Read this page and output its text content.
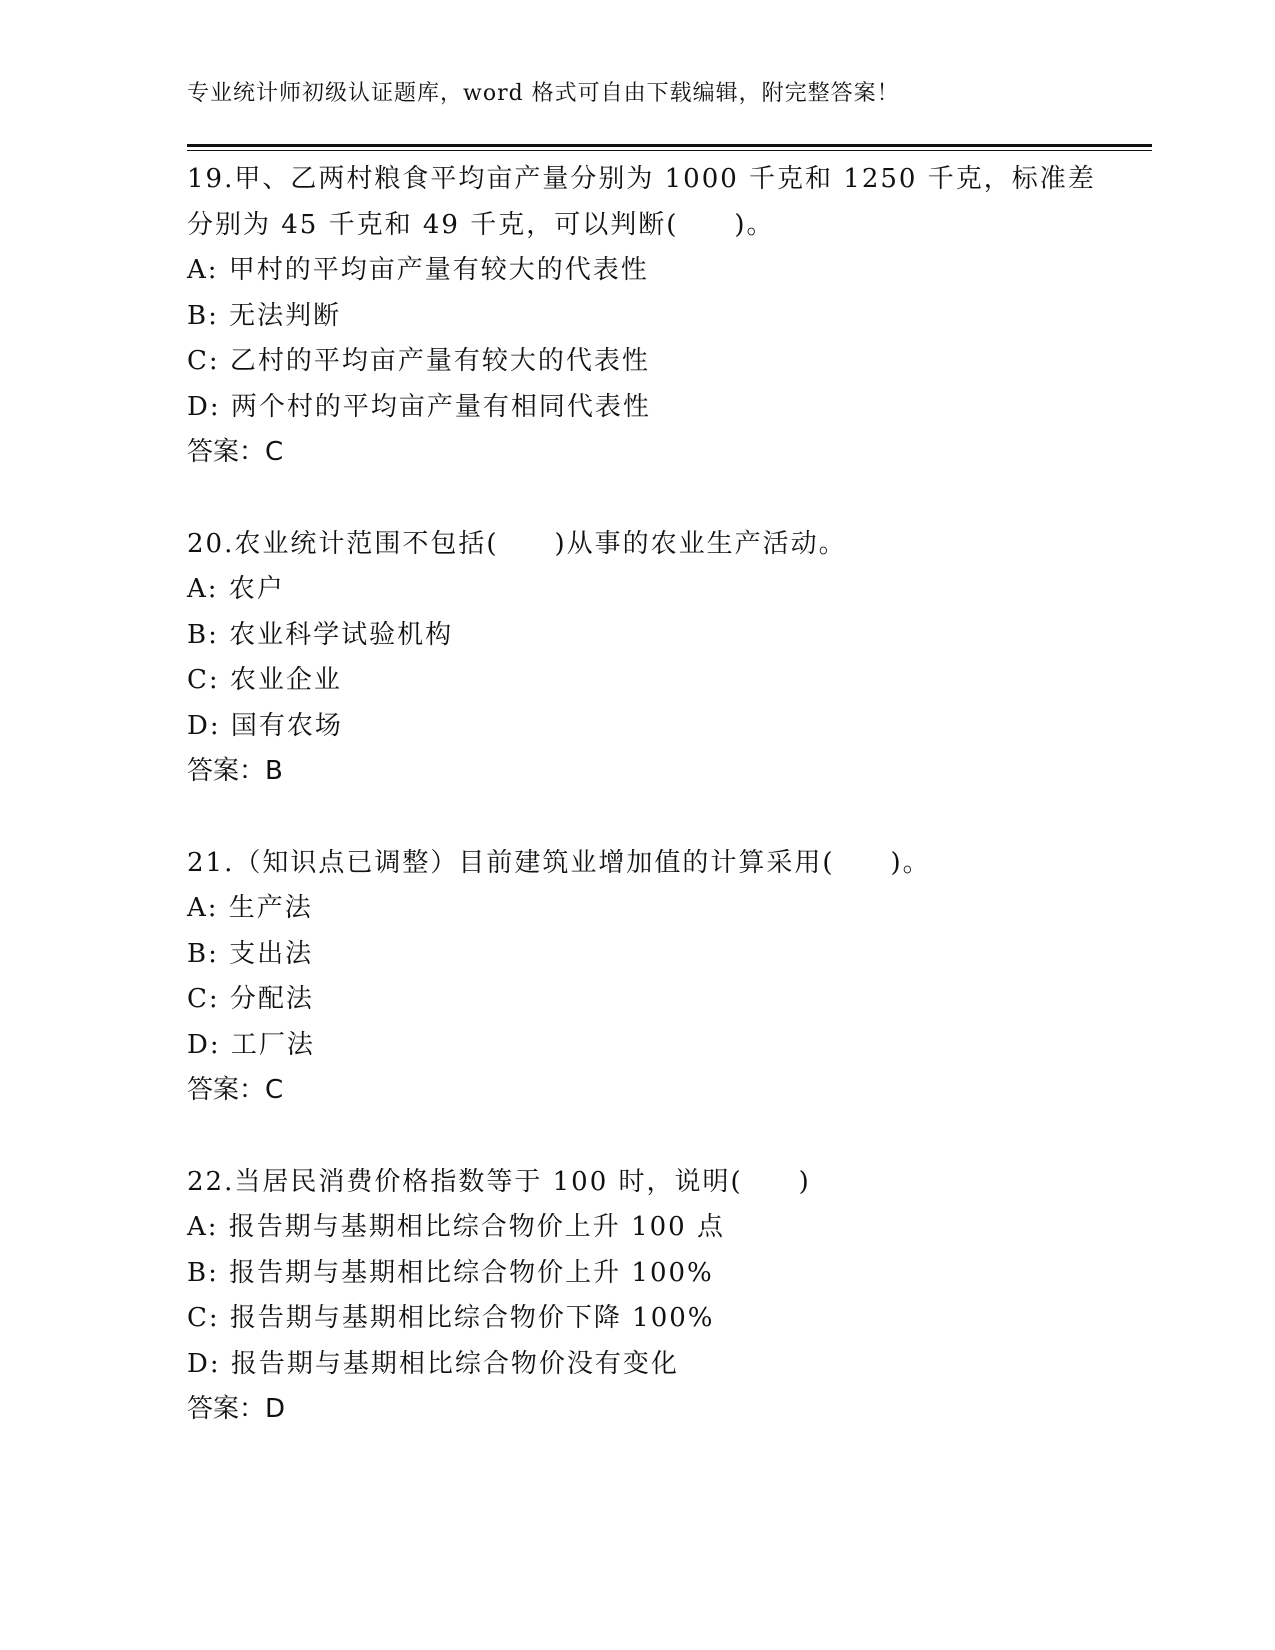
专业统计师初级认证题库，word 格式可自由下载编辑，附完整答案！
19.甲、乙两村粮食平均亩产量分别为 1000 千克和 1250 千克，标准差
分别为 45 千克和 49 千克，可以判断(　　)。
A: 甲村的平均亩产量有较大的代表性
B: 无法判断
C: 乙村的平均亩产量有较大的代表性
D: 两个村的平均亩产量有相同代表性
答案：C
20.农业统计范围不包括(　　)从事的农业生产活动。
A: 农户
B: 农业科学试验机构
C: 农业企业
D: 国有农场
答案：B
21.（知识点已调整）目前建筑业增加值的计算采用(　　)。
A: 生产法
B: 支出法
C: 分配法
D: 工厂法
答案：C
22.当居民消费价格指数等于 100 时，说明(　　)
A: 报告期与基期相比综合物价上升 100 点
B: 报告期与基期相比综合物价上升 100%
C: 报告期与基期相比综合物价下降 100%
D: 报告期与基期相比综合物价没有变化
答案：D
